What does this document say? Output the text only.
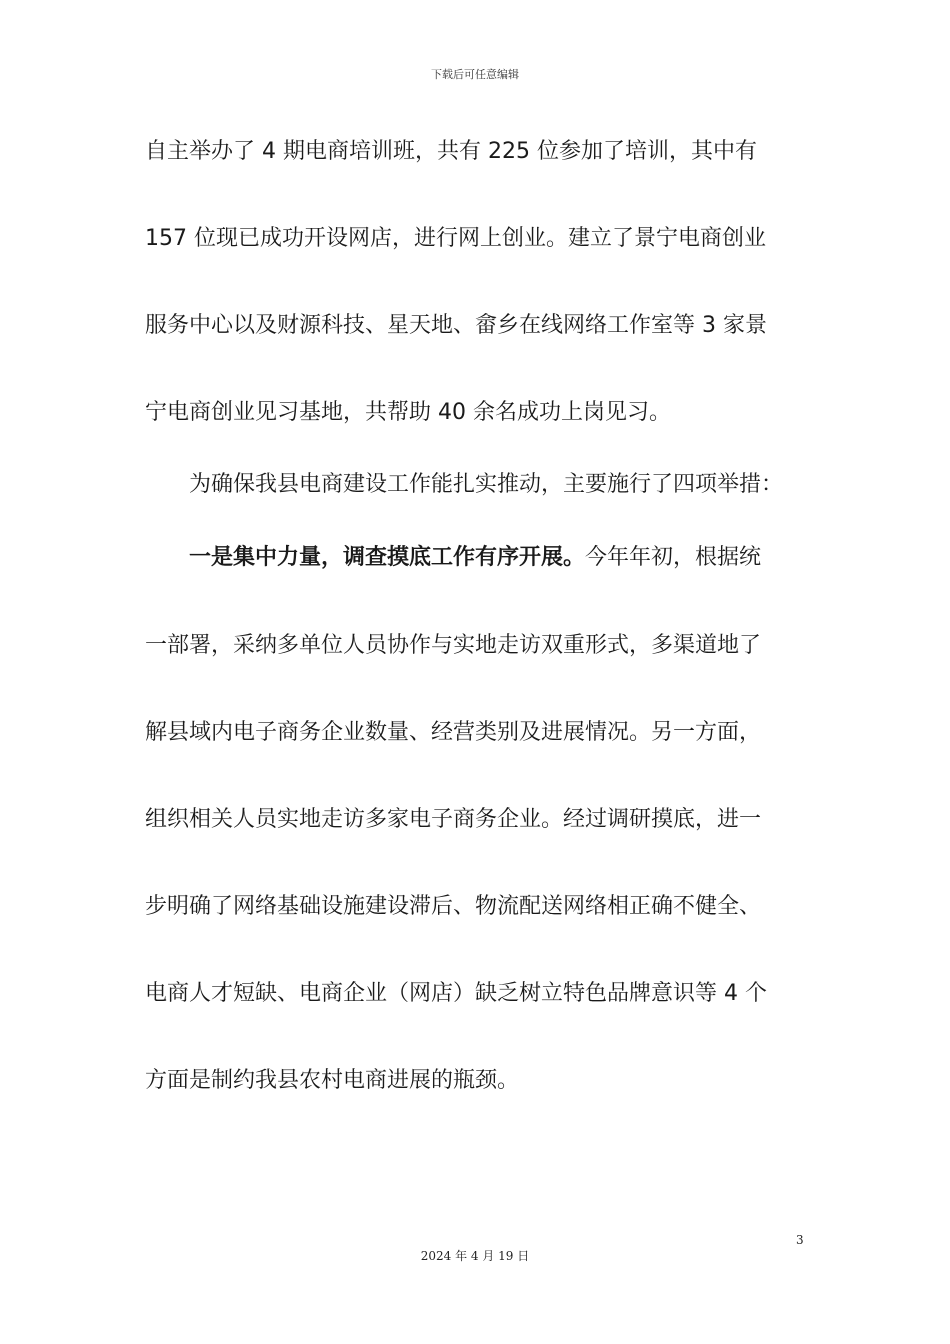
下载后可任意编辑
自主举办了 4 期电商培训班，共有 225 位参加了培训，其中有
157 位现已成功开设网店，进行网上创业。建立了景宁电商创业
服务中心以及财源科技、星天地、畲乡在线网络工作室等 3 家景
宁电商创业见习基地，共帮助 40 余名成功上岗见习。
为确保我县电商建设工作能扎实推动，主要施行了四项举措：
一是集中力量，调查摸底工作有序开展。今年年初，根据统
一部署，采纳多单位人员协作与实地走访双重形式，多渠道地了
解县域内电子商务企业数量、经营类别及进展情况。另一方面，
组织相关人员实地走访多家电子商务企业。经过调研摸底，进一
步明确了网络基础设施建设滞后、物流配送网络相正确不健全、
电商人才短缺、电商企业（网店）缺乏树立特色品牌意识等 4 个
方面是制约我县农村电商进展的瓶颈。
3
2024 年 4 月 19 日
